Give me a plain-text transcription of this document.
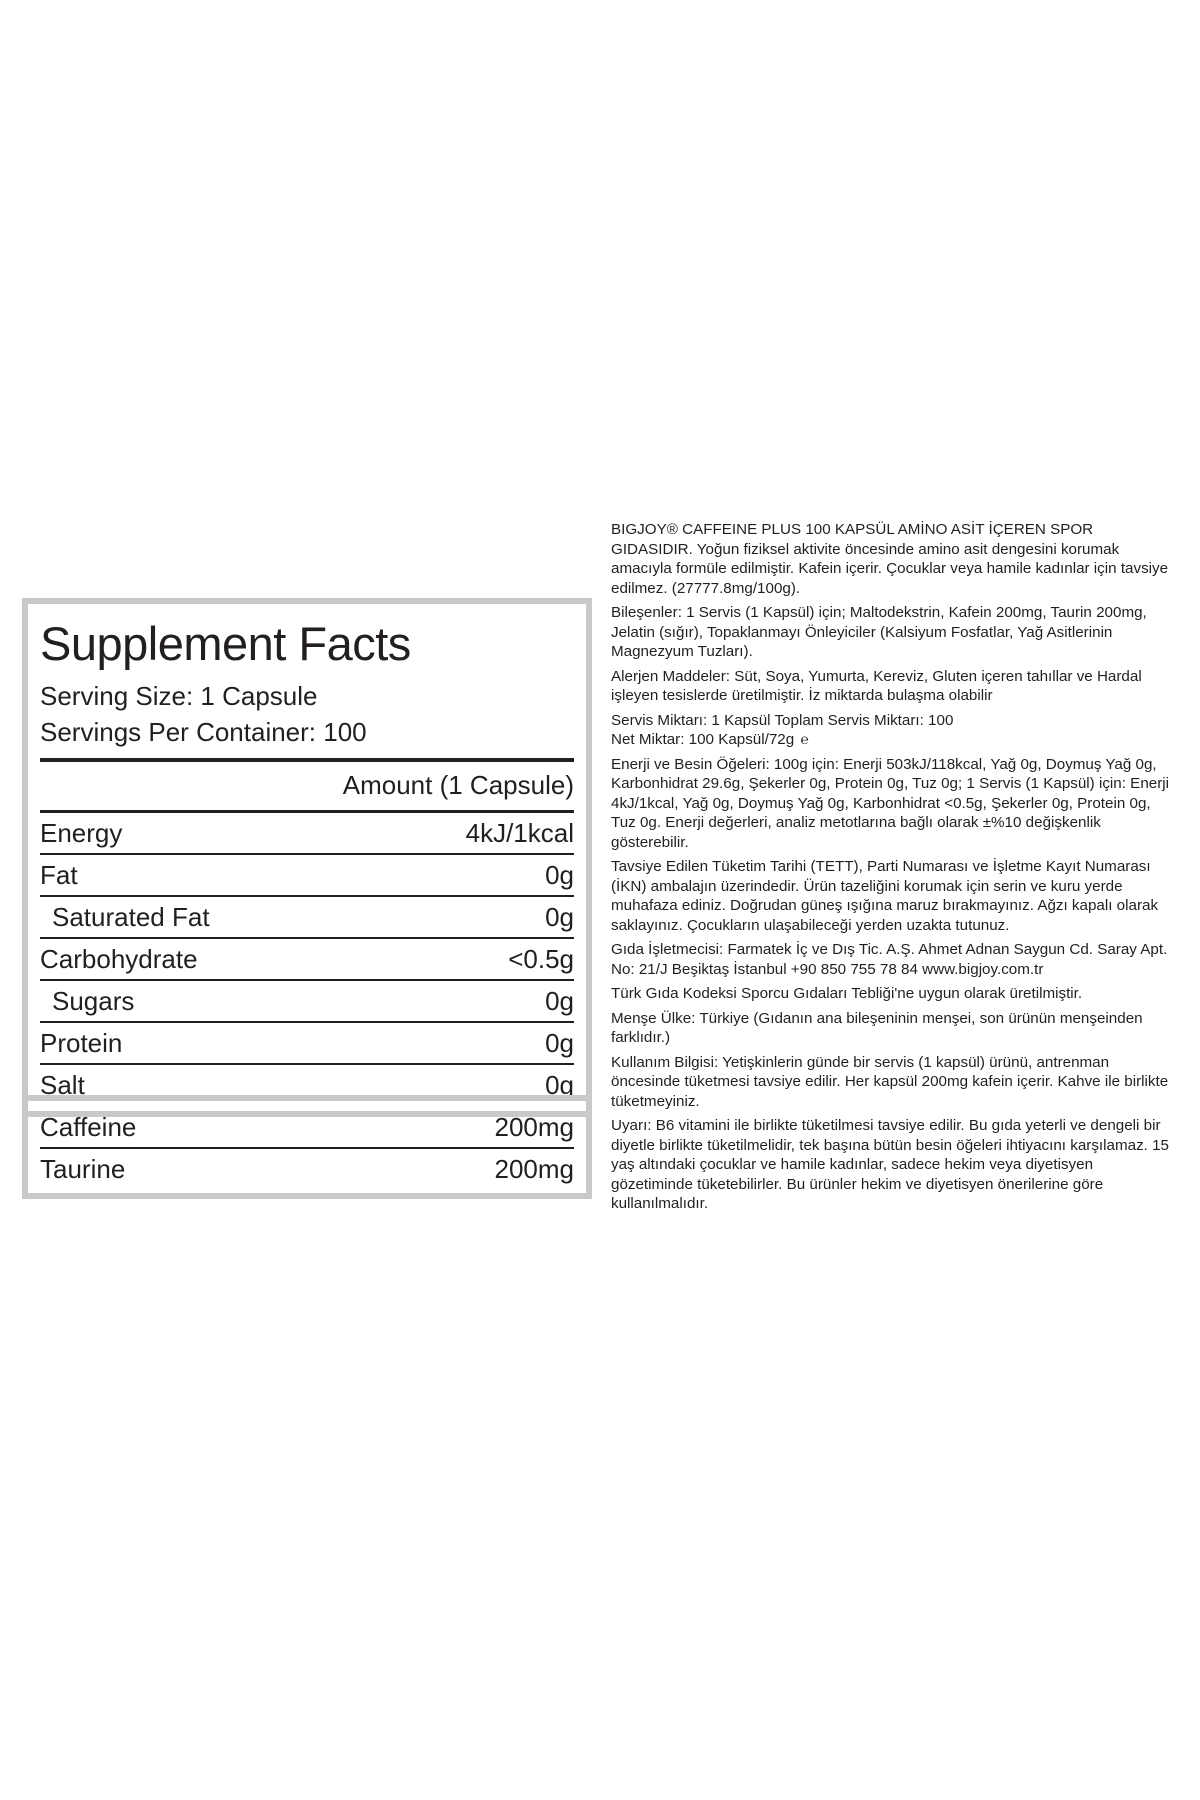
Supplement Facts
Serving Size: 1 Capsule
Servings Per Container: 100
Amount (1 Capsule)
Energy	4kJ/1kcal
Fat	0g
Saturated Fat	0g
Carbohydrate	<0.5g
Sugars	0g
Protein	0g
Salt	0g
Caffeine	200mg
Taurine	200mg

BIGJOY® CAFFEINE PLUS 100 KAPSÜL AMİNO ASİT İÇEREN SPOR GIDASIDIR. Yoğun fiziksel aktivite öncesinde amino asit dengesini korumak amacıyla formüle edilmiştir. Kafein içerir. Çocuklar veya hamile kadınlar için tavsiye edilmez. (27777.8mg/100g).

Bileşenler: 1 Servis (1 Kapsül) için; Maltodekstrin, Kafein 200mg, Taurin 200mg, Jelatin (sığır), Topaklanmayı Önleyiciler (Kalsiyum Fosfatlar, Yağ Asitlerinin Magnezyum Tuzları).

Alerjen Maddeler: Süt, Soya, Yumurta, Kereviz, Gluten içeren tahıllar ve Hardal işleyen tesislerde üretilmiştir. İz miktarda bulaşma olabilir

Servis Miktarı: 1 Kapsül Toplam Servis Miktarı: 100
Net Miktar: 100 Kapsül/72g ℮

Enerji ve Besin Öğeleri: 100g için: Enerji 503kJ/118kcal, Yağ 0g, Doymuş Yağ 0g, Karbonhidrat 29.6g, Şekerler 0g, Protein 0g, Tuz 0g; 1 Servis (1 Kapsül) için: Enerji 4kJ/1kcal, Yağ 0g, Doymuş Yağ 0g, Karbonhidrat <0.5g, Şekerler 0g, Protein 0g, Tuz 0g. Enerji değerleri, analiz metotlarına bağlı olarak ±%10 değişkenlik gösterebilir.

Tavsiye Edilen Tüketim Tarihi (TETT), Parti Numarası ve İşletme Kayıt Numarası (İKN) ambalajın üzerindedir. Ürün tazeliğini korumak için serin ve kuru yerde muhafaza ediniz. Doğrudan güneş ışığına maruz bırakmayınız. Ağzı kapalı olarak saklayınız. Çocukların ulaşabileceği yerden uzakta tutunuz.

Gıda İşletmecisi: Farmatek İç ve Dış Tic. A.Ş. Ahmet Adnan Saygun Cd. Saray Apt. No: 21/J Beşiktaş İstanbul +90 850 755 78 84 www.bigjoy.com.tr

Türk Gıda Kodeksi Sporcu Gıdaları Tebliği'ne uygun olarak üretilmiştir.

Menşe Ülke: Türkiye (Gıdanın ana bileşeninin menşei, son ürünün menşeinden farklıdır.)

Kullanım Bilgisi: Yetişkinlerin günde bir servis (1 kapsül) ürünü, antrenman öncesinde tüketmesi tavsiye edilir. Her kapsül 200mg kafein içerir. Kahve ile birlikte tüketmeyiniz.

Uyarı: B6 vitamini ile birlikte tüketilmesi tavsiye edilir. Bu gıda yeterli ve dengeli bir diyetle birlikte tüketilmelidir, tek başına bütün besin öğeleri ihtiyacını karşılamaz. 15 yaş altındaki çocuklar ve hamile kadınlar, sadece hekim veya diyetisyen gözetiminde tüketebilirler. Bu ürünler hekim ve diyetisyen önerilerine göre kullanılmalıdır.
